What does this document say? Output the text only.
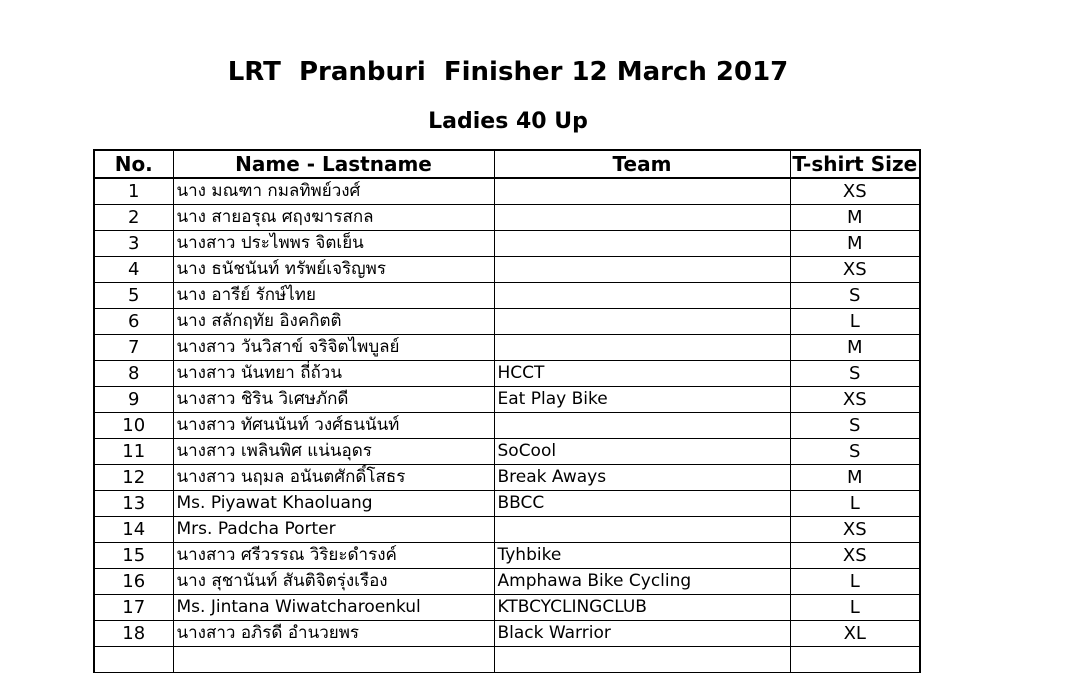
LRT  Pranburi  Finisher 12 March 2017
Ladies 40 Up
No.	Name - Lastname	Team	T-shirt Size
1	นาง มณฑา กมลทิพย์วงศ์		XS
2	นาง สายอรุณ ศฤงฆารสกล		M
3	นางสาว ประไพพร จิตเย็น		M
4	นาง ธนัชนันท์ ทรัพย์เจริญพร		XS
5	นาง อารีย์ รักษ์ไทย		S
6	นาง สลักฤทัย อิงคกิตติ		L
7	นางสาว วันวิสาข์ จริจิตไพบูลย์		M
8	นางสาว นันทยา ถี่ถ้วน	HCCT	S
9	นางสาว ชิริน วิเศษภักดี	Eat Play Bike	XS
10	นางสาว ทัศนนันท์ วงศ์ธนนันท์		S
11	นางสาว เพลินพิศ แน่นอุดร	SoCool	S
12	นางสาว นฤมล อนันตศักดิ์โสธร	Break Aways	M
13	Ms. Piyawat Khaoluang	BBCC	L
14	Mrs. Padcha Porter		XS
15	นางสาว ศรีวรรณ วิริยะดำรงค์	Tyhbike	XS
16	นาง สุชานันท์ สันติจิตรุ่งเรือง	Amphawa Bike Cycling	L
17	Ms. Jintana Wiwatcharoenkul	KTBCYCLINGCLUB	L
18	นางสาว อภิรดี อำนวยพร	Black Warrior	XL
